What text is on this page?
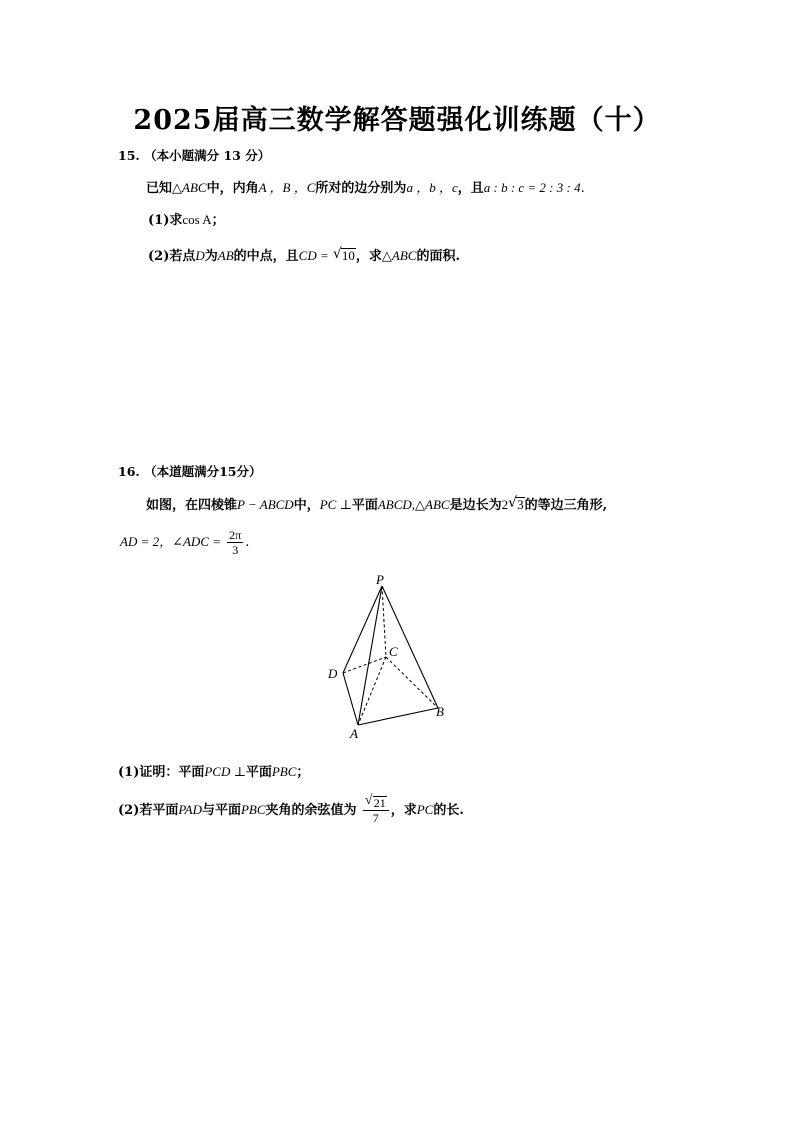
2025届高三数学解答题强化训练题（十）
15. （本小题满分 13 分）
已知△ABC中，内角A ，B ，C所对的边分别为a ，b ，c，且a : b : c = 2 : 3 : 4.
(1)求cos A；
(2)若点D为AB的中点，且CD = √ 10，求△ABC的面积.
16. （本道题满分15分）
如图，在四棱锥P − ABCD中，PC ⊥平面ABCD,△ABC是边长为2 √ 3的等边三角形,
AD = 2，∠ADC = $\frac{2\pi}{3}$ .
P
C
D
B
A
(1)证明：平面PCD ⊥平面PBC；
(2)若平面PAD与平面PBC夹角的余弦值为 $\frac{√ 21}{7}$ ，求PC的长.
